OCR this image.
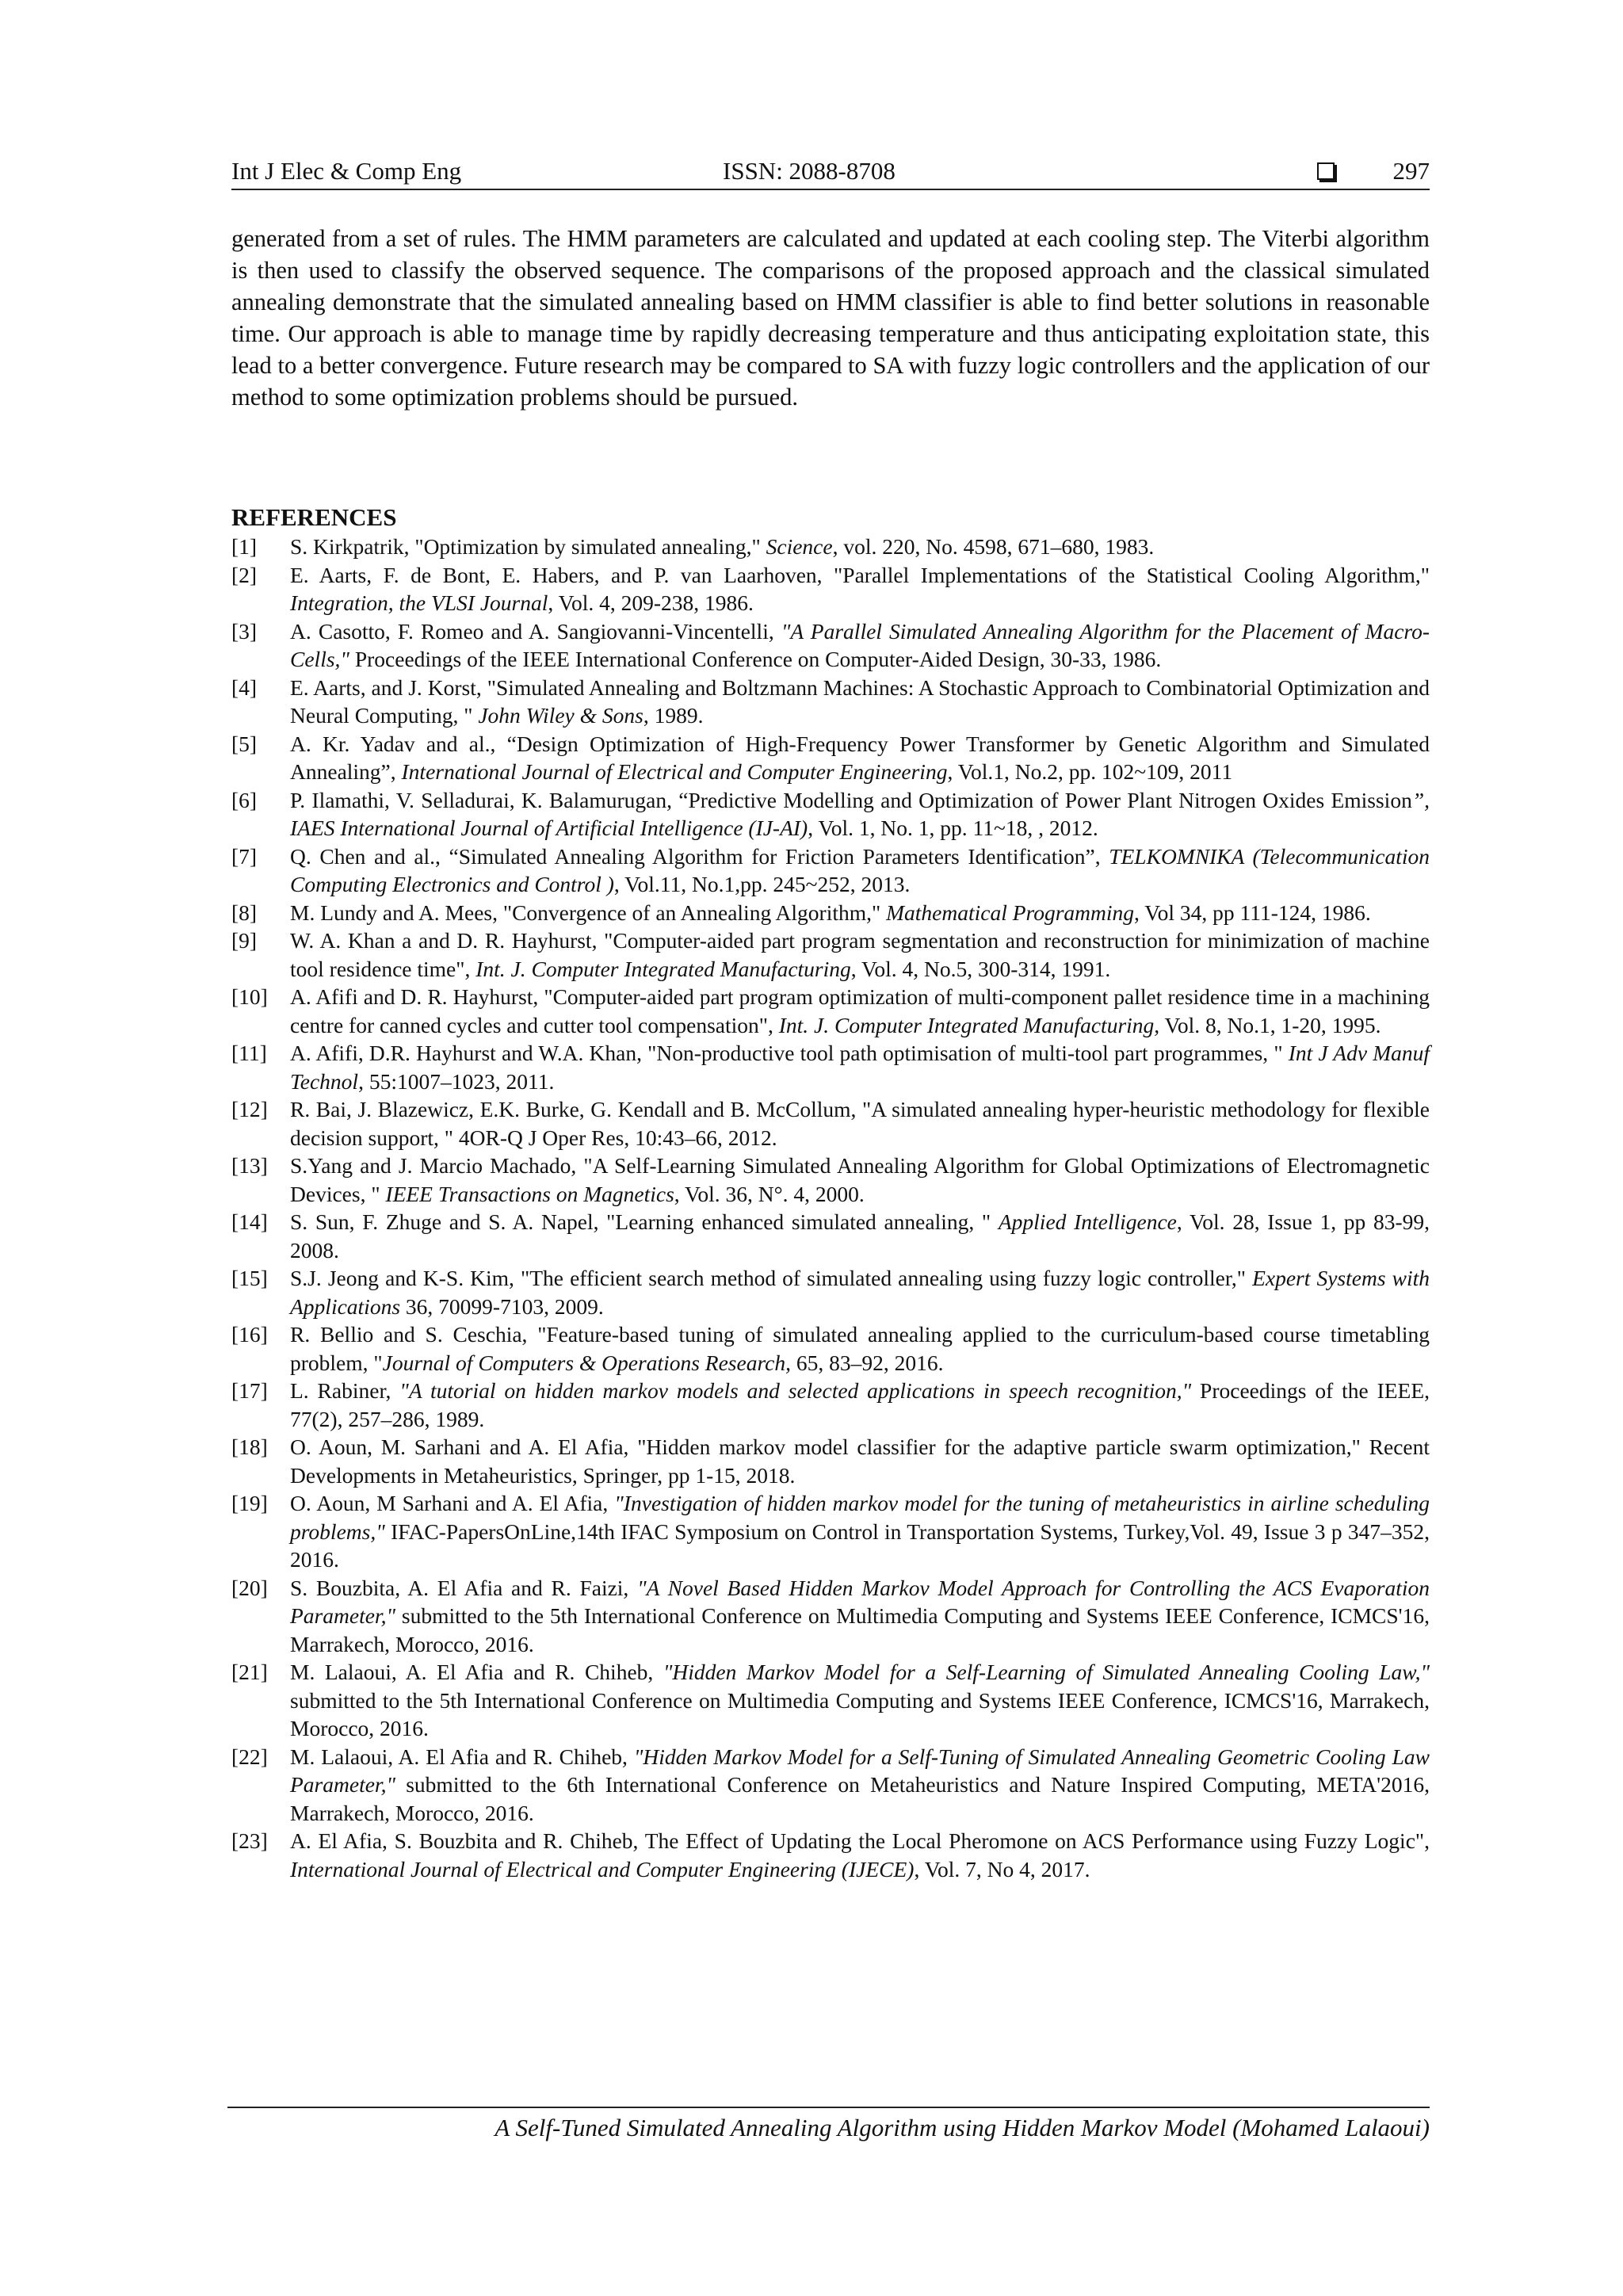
Int J Elec & Comp Eng	ISSN: 2088-8708	297

generated from a set of rules. The HMM parameters are calculated and updated at each cooling step. The Viterbi algorithm is then used to classify the observed sequence. The comparisons of the proposed approach and the classical simulated annealing demonstrate that the simulated annealing based on HMM classifier is able to find better solutions in reasonable time. Our approach is able to manage time by rapidly decreasing temperature and thus anticipating exploitation state, this lead to a better convergence. Future research may be compared to SA with fuzzy logic controllers and the application of our method to some optimization problems should be pursued.

REFERENCES
[1] S. Kirkpatrik, "Optimization by simulated annealing," Science, vol. 220, No. 4598, 671–680, 1983.
[2] E. Aarts, F. de Bont, E. Habers, and P. van Laarhoven, "Parallel Implementations of the Statistical Cooling Algorithm," Integration, the VLSI Journal, Vol. 4, 209-238, 1986.
[3] A. Casotto, F. Romeo and A. Sangiovanni-Vincentelli, "A Parallel Simulated Annealing Algorithm for the Placement of Macro-Cells," Proceedings of the IEEE International Conference on Computer-Aided Design, 30-33, 1986.
[4] E. Aarts, and J. Korst, "Simulated Annealing and Boltzmann Machines: A Stochastic Approach to Combinatorial Optimization and Neural Computing, " John Wiley & Sons, 1989.
[5] A. Kr. Yadav and al., “Design Optimization of High-Frequency Power Transformer by Genetic Algorithm and Simulated Annealing”, International Journal of Electrical and Computer Engineering, Vol.1, No.2, pp. 102~109, 2011
[6] P. Ilamathi, V. Selladurai, K. Balamurugan, “Predictive Modelling and Optimization of Power Plant Nitrogen Oxides Emission”, IAES International Journal of Artificial Intelligence (IJ-AI), Vol. 1, No. 1, pp. 11~18, , 2012.
[7] Q. Chen and al., “Simulated Annealing Algorithm for Friction Parameters Identification”, TELKOMNIKA (Telecommunication Computing Electronics and Control ), Vol.11, No.1,pp. 245~252, 2013.
[8] M. Lundy and A. Mees, "Convergence of an Annealing Algorithm," Mathematical Programming, Vol 34, pp 111-124, 1986.
[9] W. A. Khan a and D. R. Hayhurst, "Computer-aided part program segmentation and reconstruction for minimization of machine tool residence time", Int. J. Computer Integrated Manufacturing, Vol. 4, No.5, 300-314, 1991.
[10] A. Afifi and D. R. Hayhurst, "Computer-aided part program optimization of multi-component pallet residence time in a machining centre for canned cycles and cutter tool compensation", Int. J. Computer Integrated Manufacturing, Vol. 8, No.1, 1-20, 1995.
[11] A. Afifi, D.R. Hayhurst and W.A. Khan, "Non-productive tool path optimisation of multi-tool part programmes, " Int J Adv Manuf Technol, 55:1007–1023, 2011.
[12] R. Bai, J. Blazewicz, E.K. Burke, G. Kendall and B. McCollum, "A simulated annealing hyper-heuristic methodology for flexible decision support, " 4OR-Q J Oper Res, 10:43–66, 2012.
[13] S.Yang and J. Marcio Machado, "A Self-Learning Simulated Annealing Algorithm for Global Optimizations of Electromagnetic Devices, " IEEE Transactions on Magnetics, Vol. 36, N°. 4, 2000.
[14] S. Sun, F. Zhuge and S. A. Napel, "Learning enhanced simulated annealing, " Applied Intelligence, Vol. 28, Issue 1, pp 83-99, 2008.
[15] S.J. Jeong and K-S. Kim, "The efficient search method of simulated annealing using fuzzy logic controller," Expert Systems with Applications 36, 70099-7103, 2009.
[16] R. Bellio and S. Ceschia, "Feature-based tuning of simulated annealing applied to the curriculum-based course timetabling problem, "Journal of Computers & Operations Research, 65, 83–92, 2016.
[17] L. Rabiner, "A tutorial on hidden markov models and selected applications in speech recognition," Proceedings of the IEEE, 77(2), 257–286, 1989.
[18] O. Aoun, M. Sarhani and A. El Afia, "Hidden markov model classifier for the adaptive particle swarm optimization," Recent Developments in Metaheuristics, Springer, pp 1-15, 2018.
[19] O. Aoun, M Sarhani and A. El Afia, "Investigation of hidden markov model for the tuning of metaheuristics in airline scheduling problems," IFAC-PapersOnLine,14th IFAC Symposium on Control in Transportation Systems, Turkey,Vol. 49, Issue 3 p 347–352, 2016.
[20] S. Bouzbita, A. El Afia and R. Faizi, "A Novel Based Hidden Markov Model Approach for Controlling the ACS Evaporation Parameter," submitted to the 5th International Conference on Multimedia Computing and Systems IEEE Conference, ICMCS'16, Marrakech, Morocco, 2016.
[21] M. Lalaoui, A. El Afia and R. Chiheb, "Hidden Markov Model for a Self-Learning of Simulated Annealing Cooling Law," submitted to the 5th International Conference on Multimedia Computing and Systems IEEE Conference, ICMCS'16, Marrakech, Morocco, 2016.
[22] M. Lalaoui, A. El Afia and R. Chiheb, "Hidden Markov Model for a Self-Tuning of Simulated Annealing Geometric Cooling Law Parameter," submitted to the 6th International Conference on Metaheuristics and Nature Inspired Computing, META'2016, Marrakech, Morocco, 2016.
[23] A. El Afia, S. Bouzbita and R. Chiheb, The Effect of Updating the Local Pheromone on ACS Performance using Fuzzy Logic", International Journal of Electrical and Computer Engineering (IJECE), Vol. 7, No 4, 2017.
A Self-Tuned Simulated Annealing Algorithm using Hidden Markov Model (Mohamed Lalaoui)
